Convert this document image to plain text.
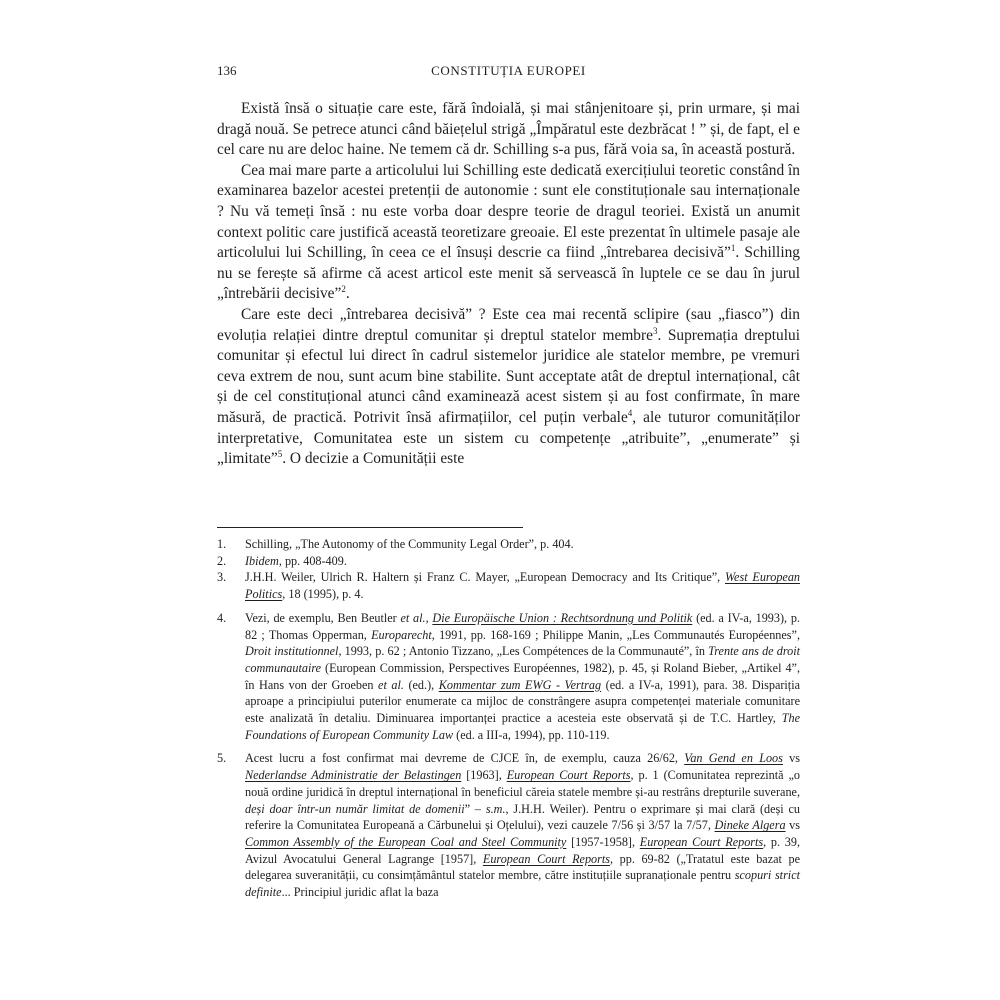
136	CONSTITUȚIA EUROPEI

Există însă o situație care este, fără îndoială, și mai stânjenitoare și, prin urmare, și mai dragă nouă. Se petrece atunci când băiețelul strigă „Împăratul este dezbrăcat ! ” și, de fapt, el e cel care nu are deloc haine. Ne temem că dr. Schilling s-a pus, fără voia sa, în această postură.

Cea mai mare parte a articolului lui Schilling este dedicată exercițiului teoretic constând în examinarea bazelor acestei pretenții de autonomie : sunt ele constituționale sau internaționale ? Nu vă temeți însă : nu este vorba doar despre teorie de dragul teoriei. Există un anumit context politic care justifică această teoretizare greoaie. El este prezentat în ultimele pasaje ale articolului lui Schilling, în ceea ce el însuși descrie ca fiind „întrebarea decisivă”$^1$. Schilling nu se ferește să afirme că acest articol este menit să servească în luptele ce se dau în jurul „întrebării decisive”$^2$.

Care este deci „întrebarea decisivă” ? Este cea mai recentă sclipire (sau „fiasco”) din evoluția relației dintre dreptul comunitar și dreptul statelor membre$^3$. Supremația dreptului comunitar și efectul lui direct în cadrul sistemelor juridice ale statelor membre, pe vremuri ceva extrem de nou, sunt acum bine stabilite. Sunt acceptate atât de dreptul internațional, cât și de cel constituțional atunci când examinează acest sistem și au fost confirmate, în mare măsură, de practică. Potrivit însă afirmațiilor, cel puțin verbale$^4$, ale tuturor comunităților interpretative, Comunitatea este un sistem cu competențe „atribuite”, „enumerate” și „limitate”$^5$. O decizie a Comunității este

1. Schilling, „The Autonomy of the Community Legal Order”, p. 404.
2. Ibidem, pp. 408-409.
3. J.H.H. Weiler, Ulrich R. Haltern și Franz C. Mayer, „European Democracy and Its Critique”, West European Politics, 18 (1995), p. 4.
4. Vezi, de exemplu, Ben Beutler et al., Die Europäische Union : Rechtsordnung und Politik (ed. a IV-a, 1993), p. 82 ; Thomas Opperman, Europarecht, 1991, pp. 168-169 ; Philippe Manin, „Les Communautés Européennes”, Droit institutionnel, 1993, p. 62 ; Antonio Tizzano, „Les Compétences de la Communauté”, în Trente ans de droit communautaire (European Commission, Perspectives Européennes, 1982), p. 45, și Roland Bieber, „Artikel 4”, în Hans von der Groeben et al. (ed.), Kommentar zum EWG - Vertrag (ed. a IV-a, 1991), para. 38. Dispariția aproape a principiului puterilor enumerate ca mijloc de constrângere asupra competenței materiale comunitare este analizată în detaliu. Diminuarea importanței practice a acesteia este observată și de T.C. Hartley, The Foundations of European Community Law (ed. a III-a, 1994), pp. 110-119.
5. Acest lucru a fost confirmat mai devreme de CJCE în, de exemplu, cauza 26/62, Van Gend en Loos vs Nederlandse Administratie der Belastingen [1963], European Court Reports, p. 1 (Comunitatea reprezintă „o nouă ordine juridică în dreptul internațional în beneficiul căreia statele membre și-au restrâns drepturile suverane, deși doar într-un număr limitat de domenii” – s.m., J.H.H. Weiler). Pentru o exprimare și mai clară (deși cu referire la Comunitatea Europeană a Cărbunelui și Oțelului), vezi cauzele 7/56 și 3/57 la 7/57, Dineke Algera vs Common Assembly of the European Coal and Steel Community [1957-1958], European Court Reports, p. 39, Avizul Avocatului General Lagrange [1957], European Court Reports, pp. 69-82 („Tratatul este bazat pe delegarea suveranității, cu consimțământul statelor membre, către instituțiile supranaționale pentru scopuri strict definite... Principiul juridic aflat la baza
